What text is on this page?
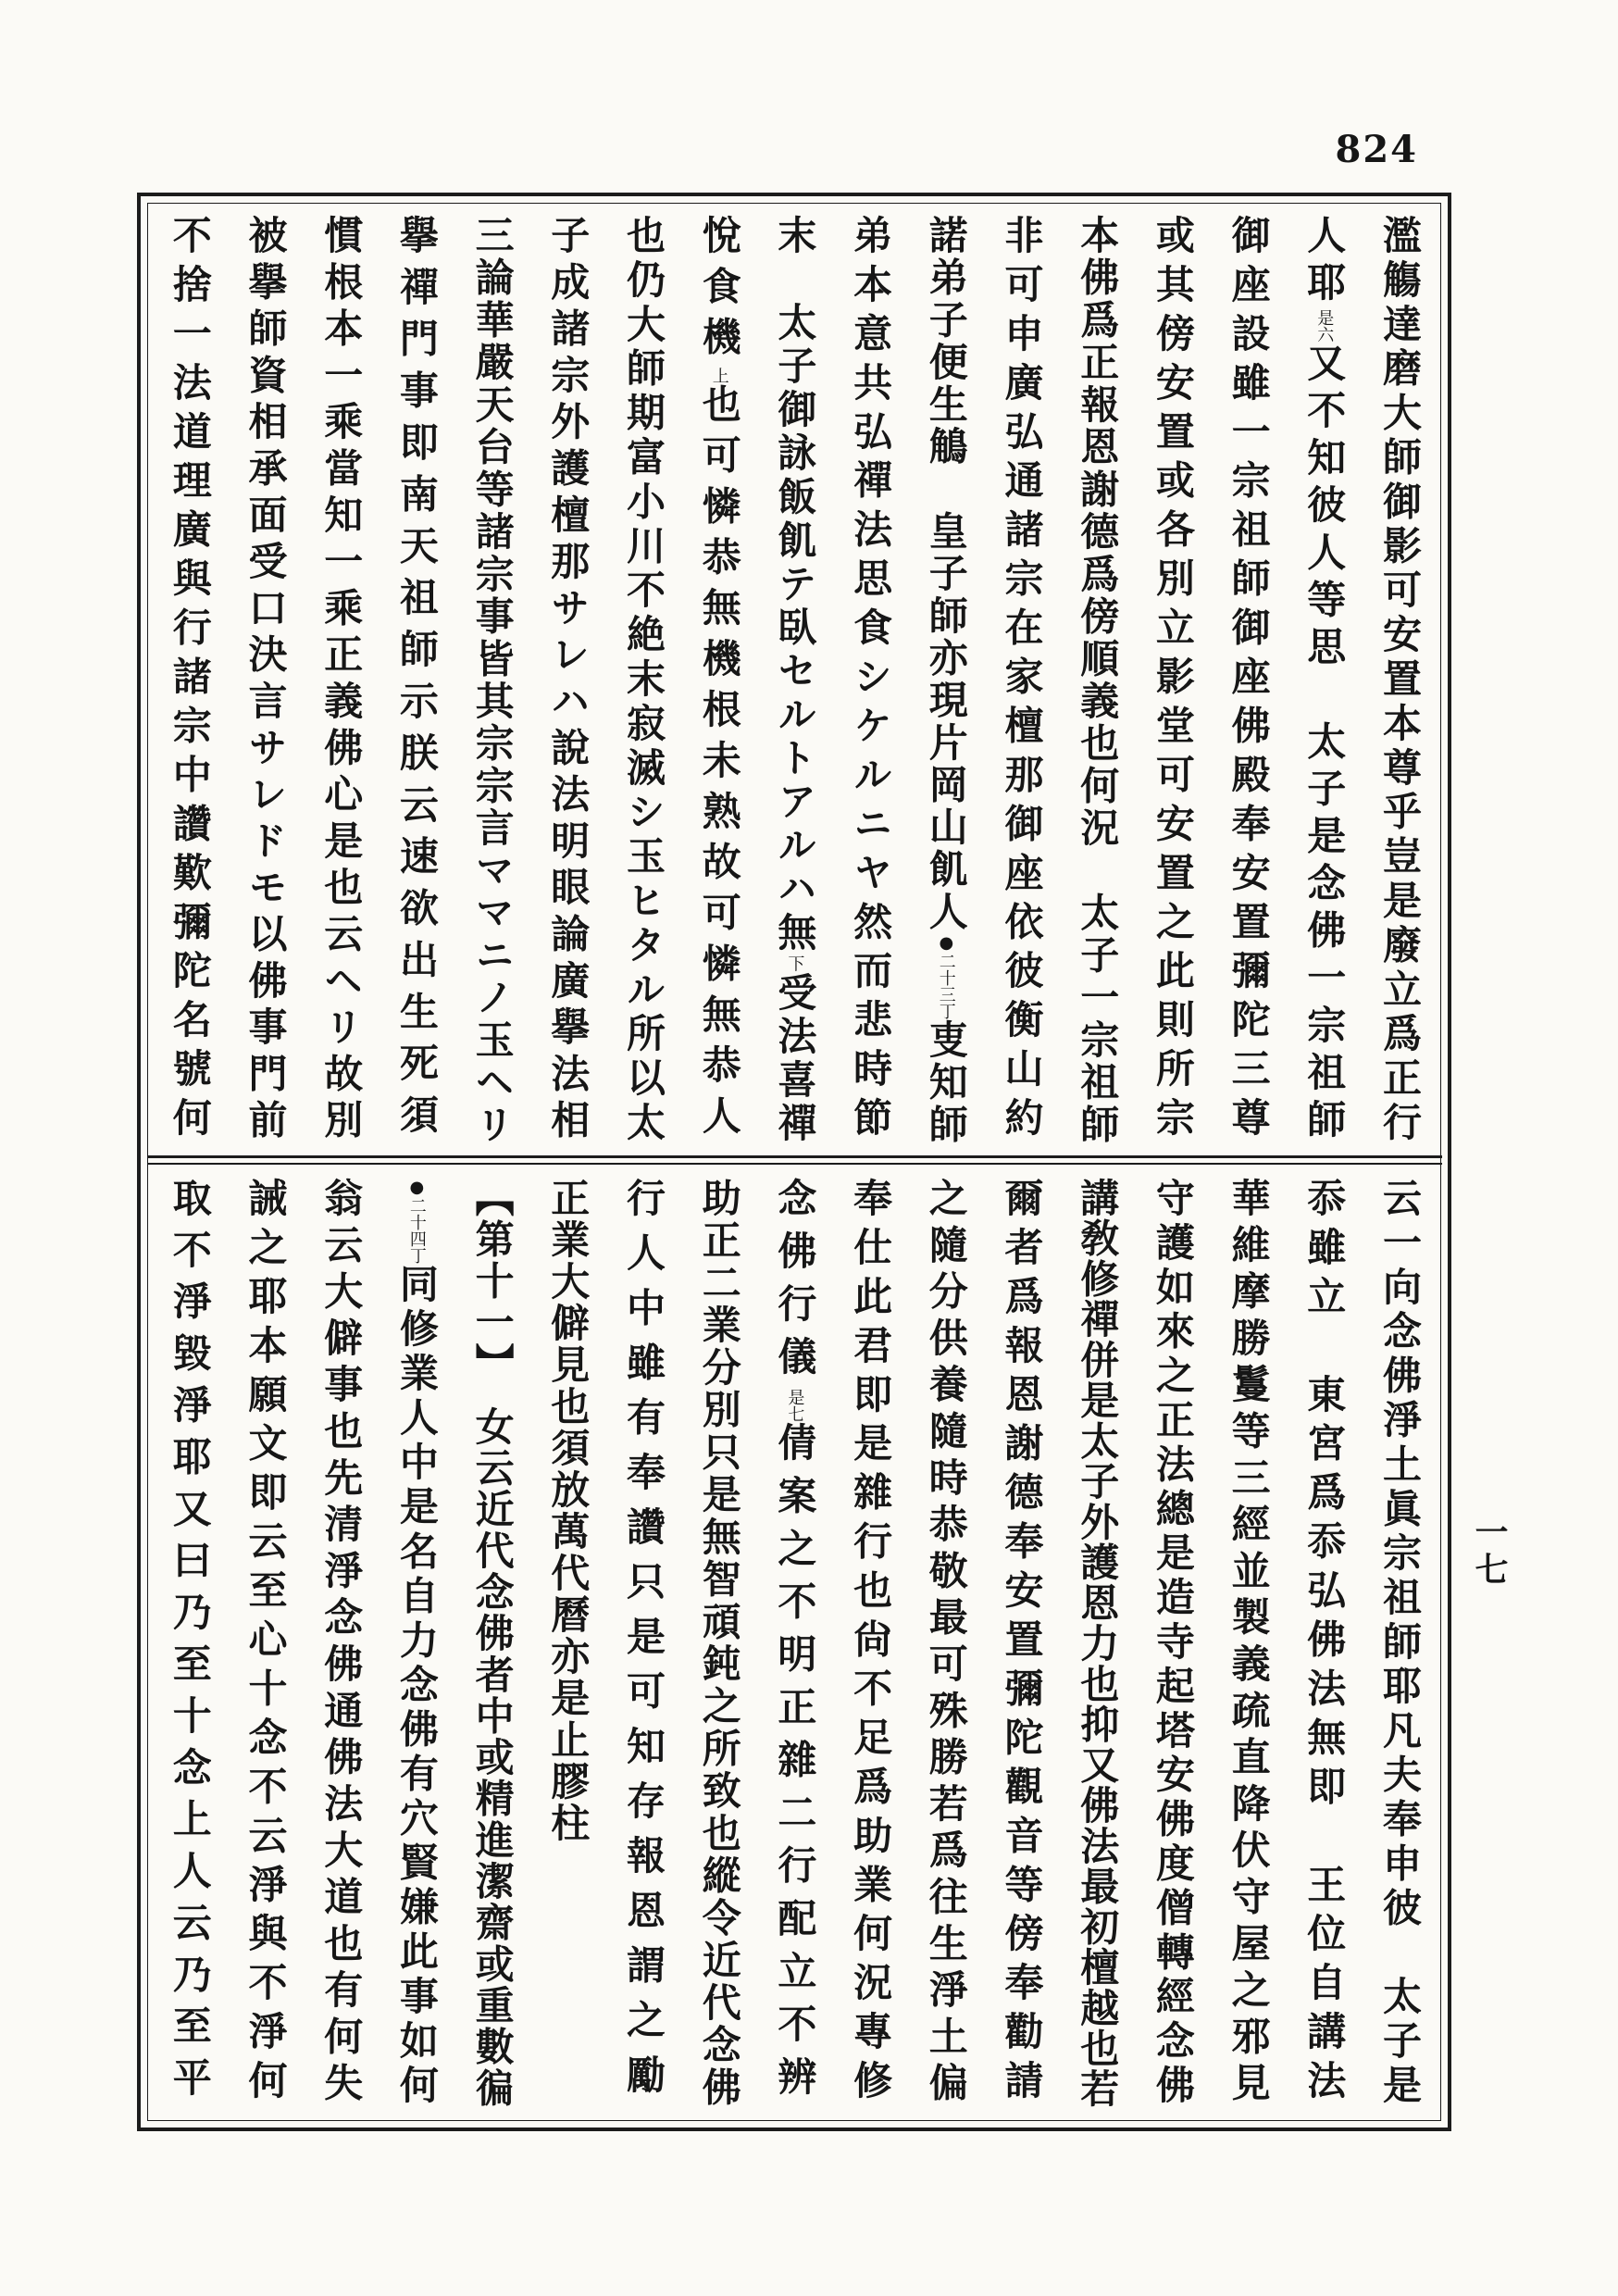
824
一七
濫觴達磨大師御影可安置本尊乎豈是廢立爲正行
人耶是六又不知彼人等思　太子是念佛一宗祖師
御座設雖一宗祖師御座佛殿奉安置彌陀三尊
或其傍安置或各別立影堂可安置之此則所宗
本佛爲正報恩謝德爲傍順義也何況　太子一宗祖師
非可申廣弘通諸宗在家檀那御座依彼衡山約
諾弟子便生鵤　皇子師亦現片岡山飢人●二十三丁叓知師
弟本意共弘禪法思食シケルニヤ然而悲時節
末　太子御詠飯飢テ臥セルトアルハ無下受法喜禪
悅食機上也可憐恭無機根未熟故可憐無恭人
也仍大師期富小川不絶末寂滅シ玉ヒタル所以太
子成諸宗外護檀那サレハ說法明眼論廣擧法相
三論華嚴天台等諸宗事皆其宗宗言ママニノ玉ヘリ
擧禪門事即南天祖師示朕云速欲出生死須
慣根本一乘當知一乘正義佛心是也云ヘリ故別
被擧師資相承面受口決言サレドモ以佛事門前
不捨一法道理廣與行諸宗中讚歎彌陀名號何
云一向念佛淨土眞宗祖師耶凡夫奉申彼　太子是
忝雖立　東宮爲忝弘佛法無即　王位自講法
華維摩勝鬘等三經並製義疏直降伏守屋之邪見
守護如來之正法總是造寺起塔安佛度僧轉經念佛
講敎修禪併是太子外護恩力也抑又佛法最初檀越也若
爾者爲報恩謝德奉安置彌陀觀音等傍奉勸請
之隨分供養隨時恭敬最可殊勝若爲往生淨土偏
奉仕此君即是雜行也尙不足爲助業何況專修
念佛行儀是七倩案之不明正雜二行配立不辨
助正二業分別只是無智頑鈍之所致也縱令近代念佛
行人中雖有奉讚只是可知存報恩謂之勵
正業大僻見也須放萬代曆亦是止膠柱
【第十一】　女云近代念佛者中或精進潔齋或重數徧
●二十四丁同修業人中是名自力念佛有穴賢嫌此事如何
翁云大僻事也先清淨念佛通佛法大道也有何失
誡之耶本願文即云至心十念不云淨與不淨何
取不淨毀淨耶又曰乃至十念上人云乃至平
